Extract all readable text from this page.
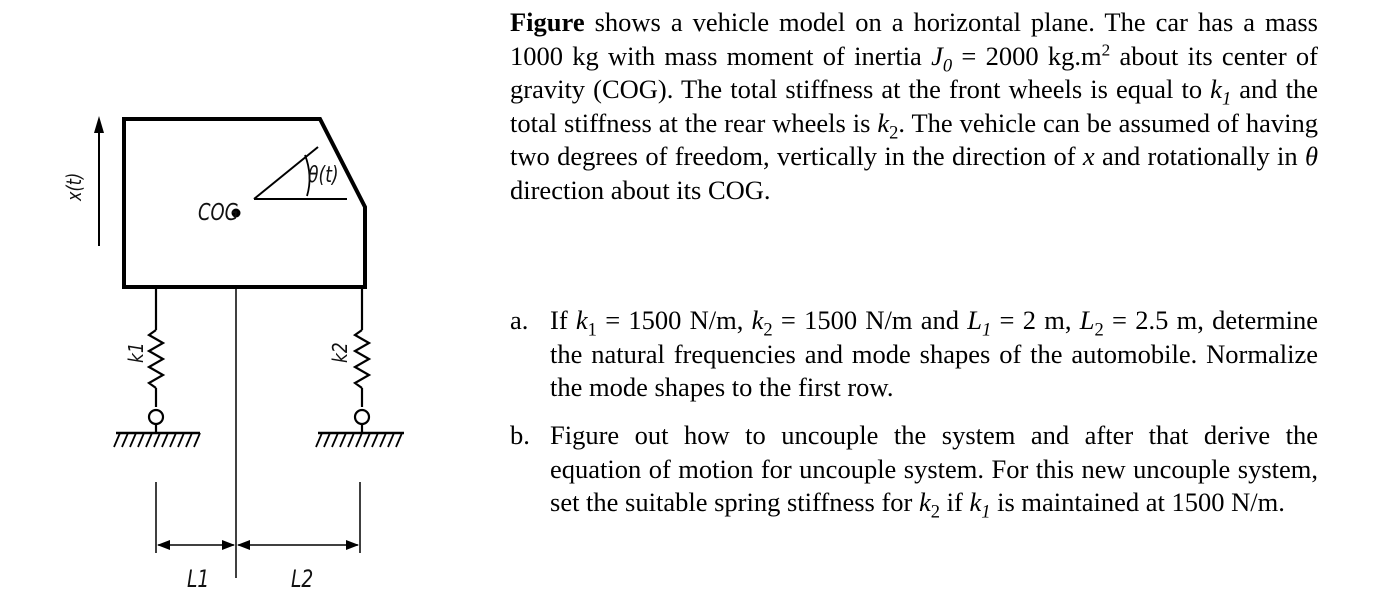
x(t)	θ(t)
COG
k1	k2
L1	L2

Figure shows a vehicle model on a horizontal plane. The car has a mass 1000 kg with mass moment of inertia $J_0 = 2000$ $kg.m^2$ about its center of gravity (COG). The total stiffness at the front wheels is equal to $k_1$ and the total stiffness at the rear wheels is $k_2$. The vehicle can be assumed of having two degrees of freedom, vertically in the direction of x and rotationally in θ direction about its COG.

a. If $k_1 = 1500$ N/m, $k_2 = 1500$ N/m and $L_1 = 2$ m, $L_2 = 2.5$ m, determine the natural frequencies and mode shapes of the automobile. Normalize the mode shapes to the first row.
b. Figure out how to uncouple the system and after that derive the equation of motion for uncouple system. For this new uncouple system, set the suitable spring stiffness for $k_2$ if $k_1$ is maintained at 1500 N/m.
